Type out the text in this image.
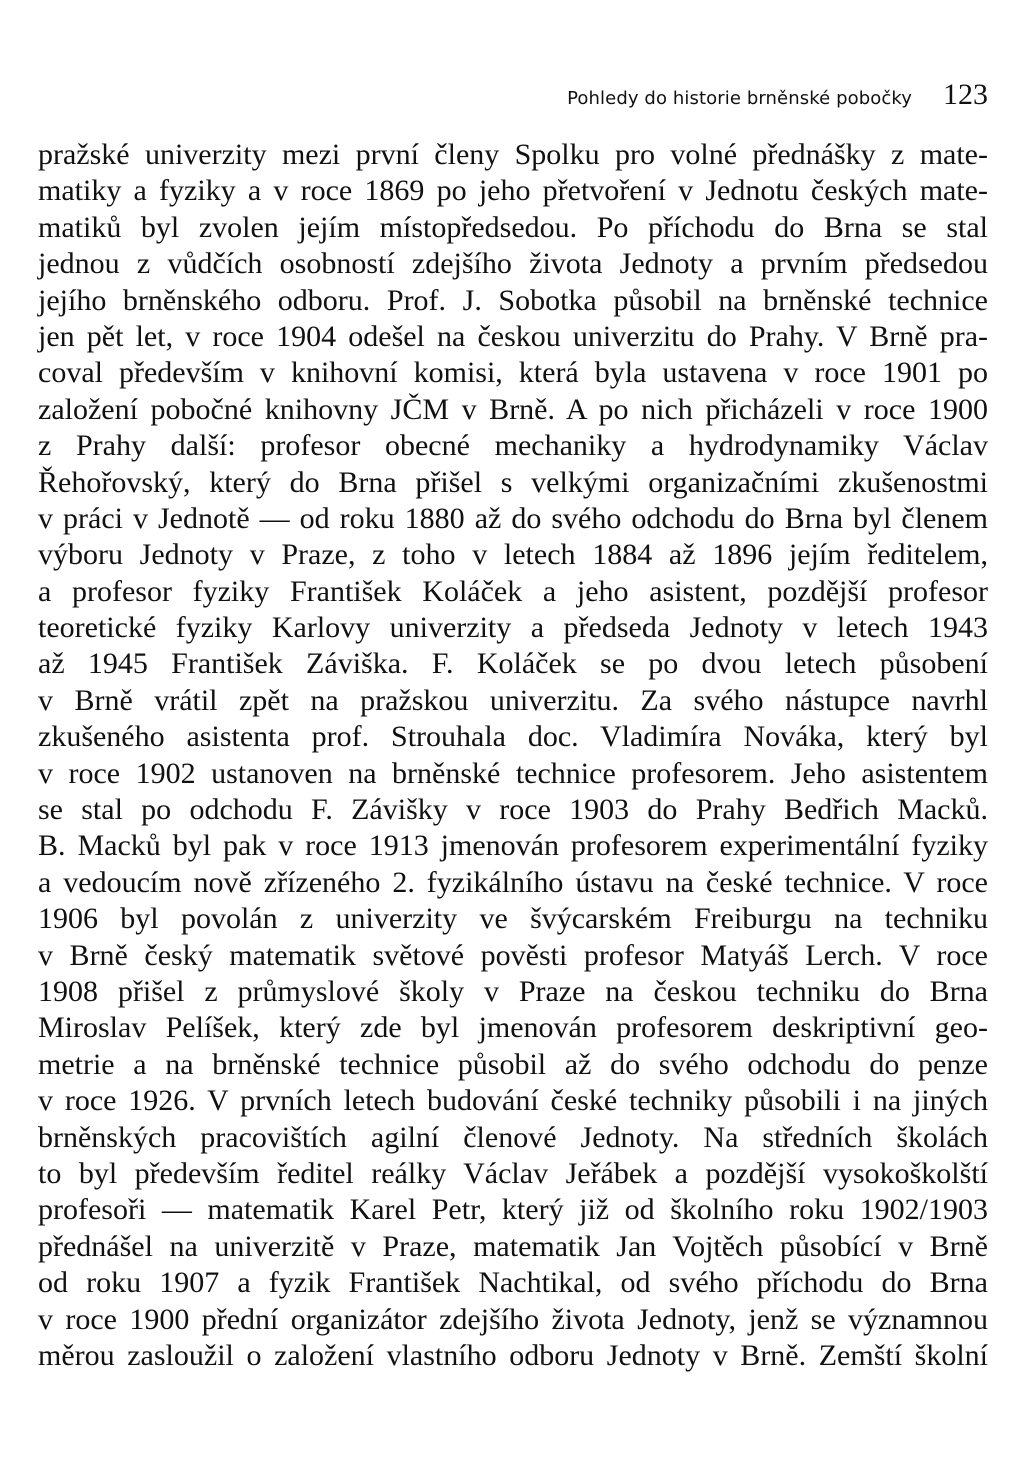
Pohledy do historie brněnské pobočky 123
pražské univerzity mezi první členy Spolku pro volné přednášky z mate-
matiky a fyziky a v roce 1869 po jeho přetvoření v Jednotu českých mate-
matiků byl zvolen jejím místopředsedou. Po příchodu do Brna se stal
jednou z vůdčích osobností zdejšího života Jednoty a prvním předsedou
jejího brněnského odboru. Prof. J. Sobotka působil na brněnské technice
jen pět let, v roce 1904 odešel na českou univerzitu do Prahy. V Brně pra-
coval především v knihovní komisi, která byla ustavena v roce 1901 po
založení pobočné knihovny JČM v Brně. A po nich přicházeli v roce 1900
z Prahy další: profesor obecné mechaniky a hydrodynamiky Václav
Řehořovský, který do Brna přišel s velkými organizačními zkušenostmi
v práci v Jednotě — od roku 1880 až do svého odchodu do Brna byl členem
výboru Jednoty v Praze, z toho v letech 1884 až 1896 jejím ředitelem,
a profesor fyziky František Koláček a jeho asistent, pozdější profesor
teoretické fyziky Karlovy univerzity a předseda Jednoty v letech 1943
až 1945 František Záviška. F. Koláček se po dvou letech působení
v Brně vrátil zpět na pražskou univerzitu. Za svého nástupce navrhl
zkušeného asistenta prof. Strouhala doc. Vladimíra Nováka, který byl
v roce 1902 ustanoven na brněnské technice profesorem. Jeho asistentem
se stal po odchodu F. Závišky v roce 1903 do Prahy Bedřich Macků.
B. Macků byl pak v roce 1913 jmenován profesorem experimentální fyziky
a vedoucím nově zřízeného 2. fyzikálního ústavu na české technice. V roce
1906 byl povolán z univerzity ve švýcarském Freiburgu na techniku
v Brně český matematik světové pověsti profesor Matyáš Lerch. V roce
1908 přišel z průmyslové školy v Praze na českou techniku do Brna
Miroslav Pelíšek, který zde byl jmenován profesorem deskriptivní geo-
metrie a na brněnské technice působil až do svého odchodu do penze
v roce 1926. V prvních letech budování české techniky působili i na jiných
brněnských pracovištích agilní členové Jednoty. Na středních školách
to byl především ředitel reálky Václav Jeřábek a pozdější vysokoškolští
profesoři — matematik Karel Petr, který již od školního roku 1902/1903
přednášel na univerzitě v Praze, matematik Jan Vojtěch působící v Brně
od roku 1907 a fyzik František Nachtikal, od svého příchodu do Brna
v roce 1900 přední organizátor zdejšího života Jednoty, jenž se významnou
měrou zasloužil o založení vlastního odboru Jednoty v Brně. Zemští školní
